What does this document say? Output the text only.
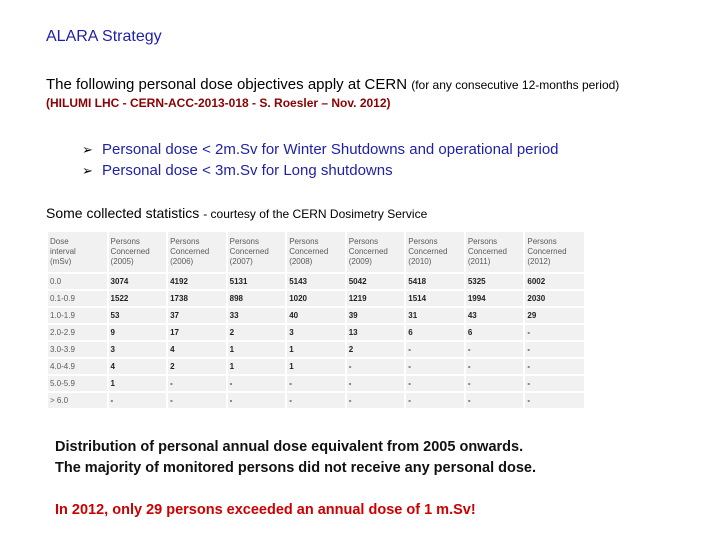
ALARA Strategy
The following personal dose objectives apply at CERN (for any consecutive 12-months period)
(HILUMI LHC - CERN-ACC-2013-018 - S. Roesler – Nov. 2012)
➢ Personal dose < 2m.Sv for Winter Shutdowns and operational period
➢ Personal dose < 3m.Sv for Long shutdowns
Some collected statistics - courtesy of the CERN Dosimetry Service
Dose
interval
(mSv)	Persons
Concerned
(2005)	Persons
Concerned
(2006)	Persons
Concerned
(2007)	Persons
Concerned
(2008)	Persons
Concerned
(2009)	Persons
Concerned
(2010)	Persons
Concerned
(2011)	Persons
Concerned
(2012)

0.0	3074	4192	5131	5143	5042	5418	5325	6002
0.1-0.9	1522	1738	898	1020	1219	1514	1994	2030
1.0-1.9	53	37	33	40	39	31	43	29
2.0-2.9	9	17	2	3	13	6	6	-
3.0-3.9	3	4	1	1	2	-	-	-
4.0-4.9	4	2	1	1	-	-	-	-
5.0-5.9	1	-	-	-	-	-	-	-
> 6.0	-	-	-	-	-	-	-	-
Distribution of personal annual dose equivalent from 2005 onwards.
The majority of monitored persons did not receive any personal dose.
In 2012, only 29 persons exceeded an annual dose of 1 m.Sv!
